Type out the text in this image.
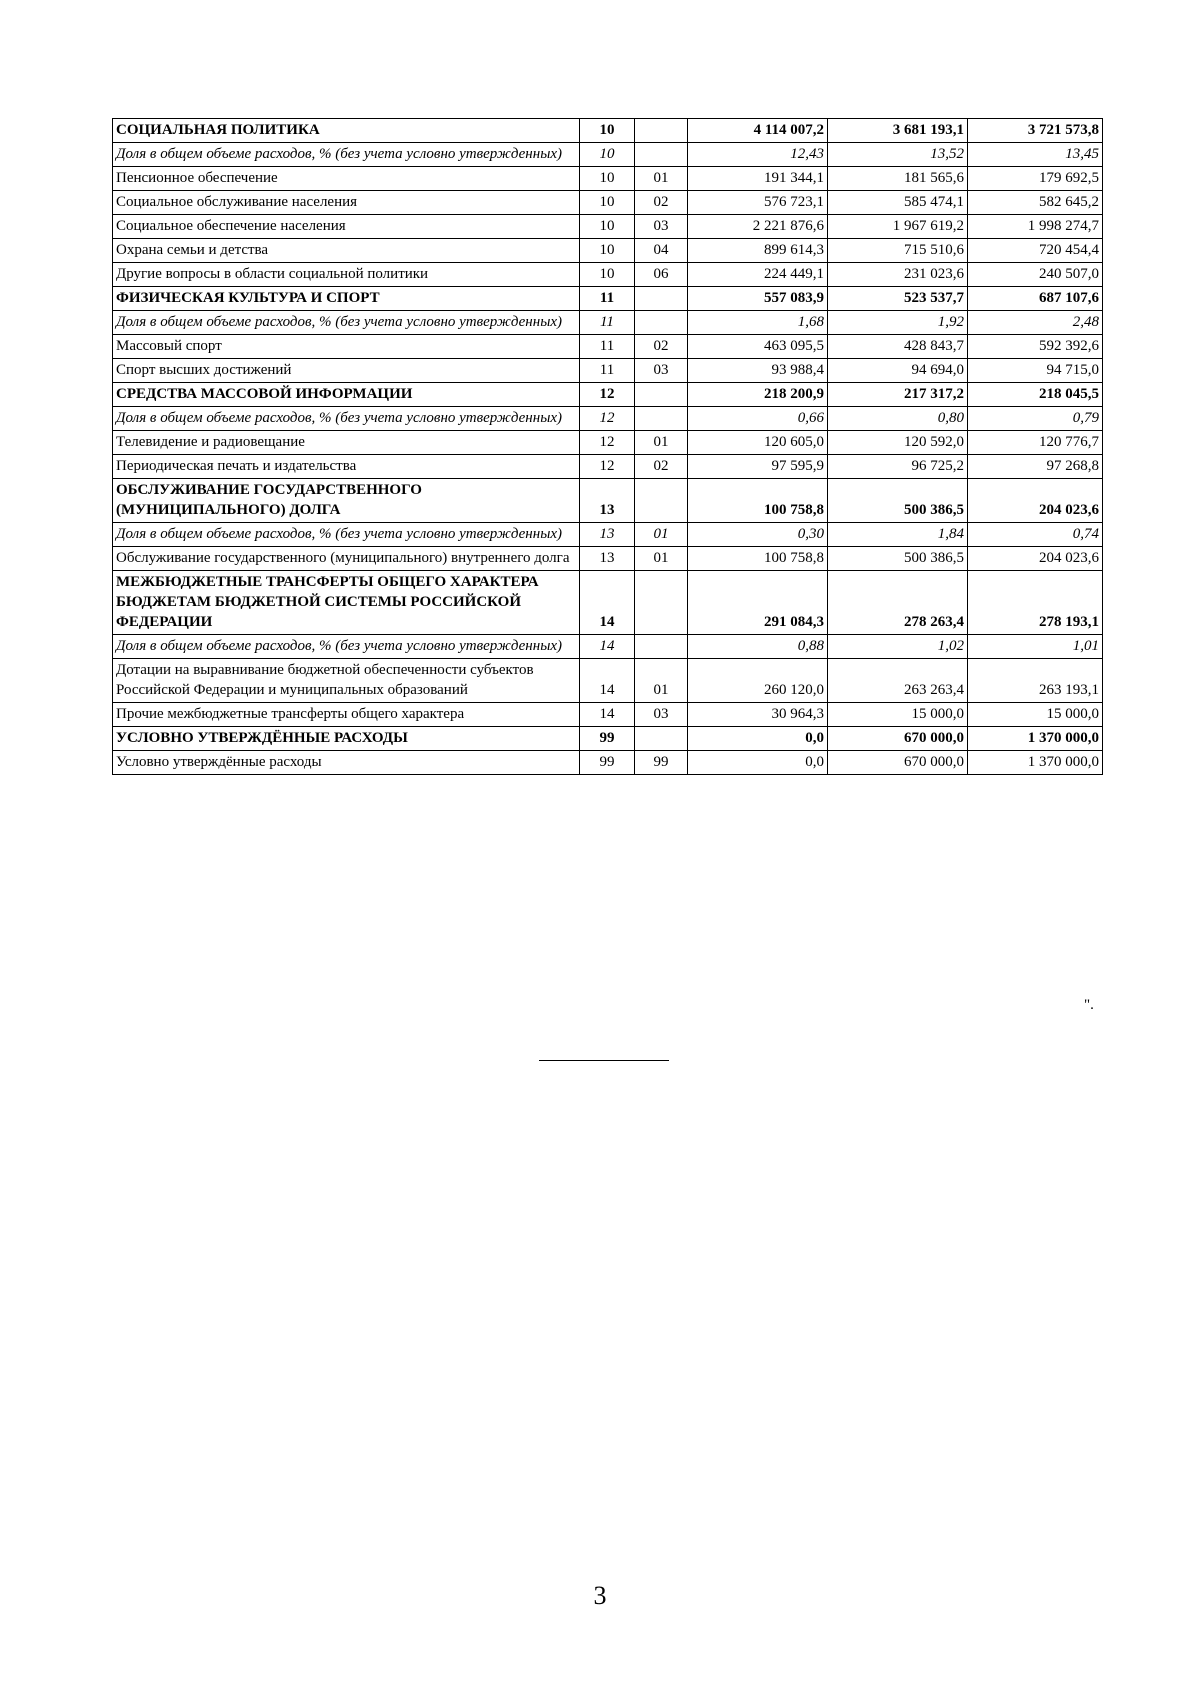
СОЦИАЛЬНАЯ ПОЛИТИКА	10		4 114 007,2	3 681 193,1	3 721 573,8
Доля в общем объеме расходов, % (без учета условно утвержденных)	10		12,43	13,52	13,45
Пенсионное обеспечение	10	01	191 344,1	181 565,6	179 692,5
Социальное обслуживание населения	10	02	576 723,1	585 474,1	582 645,2
Социальное обеспечение населения	10	03	2 221 876,6	1 967 619,2	1 998 274,7
Охрана семьи и детства	10	04	899 614,3	715 510,6	720 454,4
Другие вопросы в области социальной политики	10	06	224 449,1	231 023,6	240 507,0
ФИЗИЧЕСКАЯ КУЛЬТУРА И СПОРТ	11		557 083,9	523 537,7	687 107,6
Доля в общем объеме расходов, % (без учета условно утвержденных)	11		1,68	1,92	2,48
Массовый спорт	11	02	463 095,5	428 843,7	592 392,6
Спорт высших достижений	11	03	93 988,4	94 694,0	94 715,0
СРЕДСТВА МАССОВОЙ ИНФОРМАЦИИ	12		218 200,9	217 317,2	218 045,5
Доля в общем объеме расходов, % (без учета условно утвержденных)	12		0,66	0,80	0,79
Телевидение и радиовещание	12	01	120 605,0	120 592,0	120 776,7
Периодическая печать и издательства	12	02	97 595,9	96 725,2	97 268,8
ОБСЛУЖИВАНИЕ ГОСУДАРСТВЕННОГО (МУНИЦИПАЛЬНОГО) ДОЛГА	13		100 758,8	500 386,5	204 023,6
Доля в общем объеме расходов, % (без учета условно утвержденных)	13	01	0,30	1,84	0,74
Обслуживание государственного (муниципального) внутреннего долга	13	01	100 758,8	500 386,5	204 023,6
МЕЖБЮДЖЕТНЫЕ ТРАНСФЕРТЫ ОБЩЕГО ХАРАКТЕРА БЮДЖЕТАМ БЮДЖЕТНОЙ СИСТЕМЫ РОССИЙСКОЙ ФЕДЕРАЦИИ	14		291 084,3	278 263,4	278 193,1
Доля в общем объеме расходов, % (без учета условно утвержденных)	14		0,88	1,02	1,01
Дотации на выравнивание бюджетной обеспеченности субъектов Российской Федерации и муниципальных образований	14	01	260 120,0	263 263,4	263 193,1
Прочие межбюджетные трансферты общего характера	14	03	30 964,3	15 000,0	15 000,0
УСЛОВНО УТВЕРЖДЁННЫЕ РАСХОДЫ	99		0,0	670 000,0	1 370 000,0
Условно утверждённые расходы	99	99	0,0	670 000,0	1 370 000,0
".
3
